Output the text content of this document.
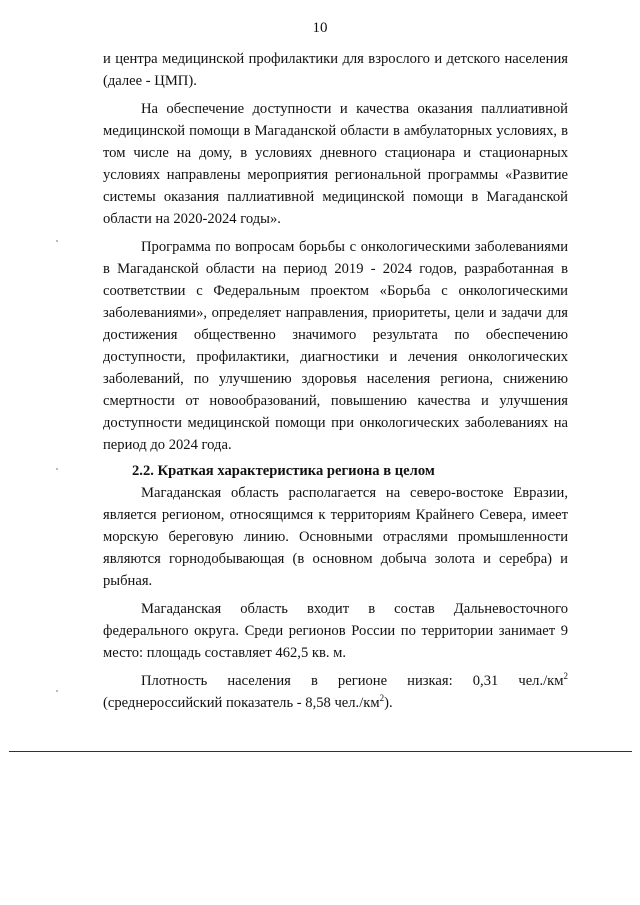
10

и центра медицинской профилактики для взрослого и детского населения (далее - ЦМП).

На обеспечение доступности и качества оказания паллиативной медицинской помощи в Магаданской области в амбулаторных условиях, в том числе на дому, в условиях дневного стационара и стационарных условиях направлены мероприятия региональной программы «Развитие системы оказания паллиативной медицинской помощи в Магаданской области на 2020-2024 годы».

Программа по вопросам борьбы с онкологическими заболеваниями в Магаданской области на период 2019 - 2024 годов, разработанная в соответствии с Федеральным проектом «Борьба с онкологическими заболеваниями», определяет направления, приоритеты, цели и задачи для достижения общественно значимого результата по обеспечению доступности, профилактики, диагностики и лечения онкологических заболеваний, по улучшению здоровья населения региона, снижению смертности от новообразований, повышению качества и улучшения доступности медицинской помощи при онкологических заболеваниях на период до 2024 года.

2.2. Краткая характеристика региона в целом

Магаданская область располагается на северо-востоке Евразии, является регионом, относящимся к территориям Крайнего Севера, имеет морскую береговую линию. Основными отраслями промышленности являются горнодобывающая (в основном добыча золота и серебра) и рыбная.

Магаданская область входит в состав Дальневосточного федерального округа. Среди регионов России по территории занимает 9 место: площадь составляет 462,5 кв. м.

Плотность населения в регионе низкая: 0,31 $чел./км^2$ (среднероссийский показатель - 8,58 $чел./км^2$).
